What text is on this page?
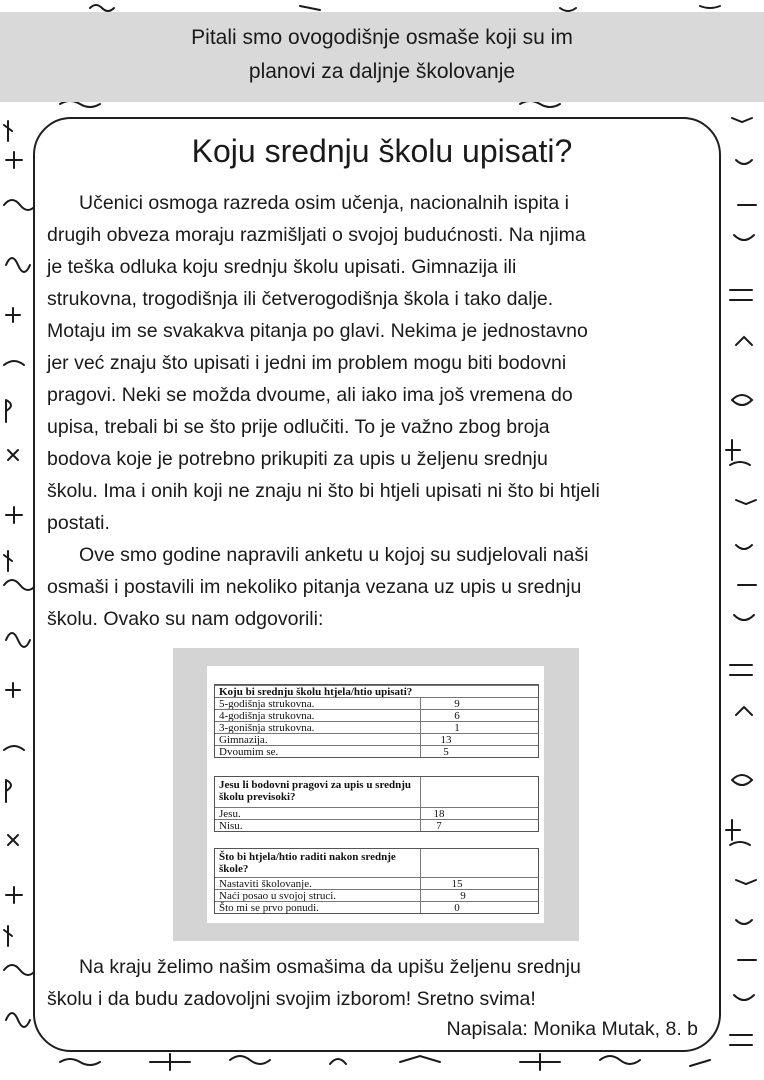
Pitali smo ovogodišnje osmaše koji su im
planovi za daljnje školovanje
Koju srednju školu upisati?
Učenici osmoga razreda osim učenja, nacionalnih ispita i
drugih obveza moraju razmišljati o svojoj budućnosti. Na njima
je teška odluka koju srednju školu upisati. Gimnazija ili
strukovna, trogodišnja ili četverogodišnja škola i tako dalje.
Motaju im se svakakva pitanja po glavi. Nekima je jednostavno
jer već znaju što upisati i jedni im problem mogu biti bodovni
pragovi. Neki se možda dvoume, ali iako ima još vremena do
upisa, trebali bi se što prije odlučiti. To je važno zbog broja
bodova koje je potrebno prikupiti za upis u željenu srednju
školu. Ima i onih koji ne znaju ni što bi htjeli upisati ni što bi htjeli
postati.
Ove smo godine napravili anketu u kojoj su sudjelovali naši
osmaši i postavili im nekoliko pitanja vezana uz upis u srednju
školu. Ovako su nam odgovorili:
Koju bi srednju školu htjela/htio upisati?
5-godišnja strukovna.	9
4-godišnja strukovna.	6
3-gonišnja strukovna.	1
Gimnazija.	13
Dvoumim se.	5
Jesu li bodovni pragovi za upis u srednju
školu previsoki?
Jesu.	18
Nisu.	7
Što bi htjela/htio raditi nakon srednje
škole?
Nastaviti školovanje.	15
Naći posao u svojoj struci.	9
Što mi se prvo ponudi.	0
Na kraju želimo našim osmašima da upišu željenu srednju
školu i da budu zadovoljni svojim izborom! Sretno svima!
Napisala: Monika Mutak, 8. b
